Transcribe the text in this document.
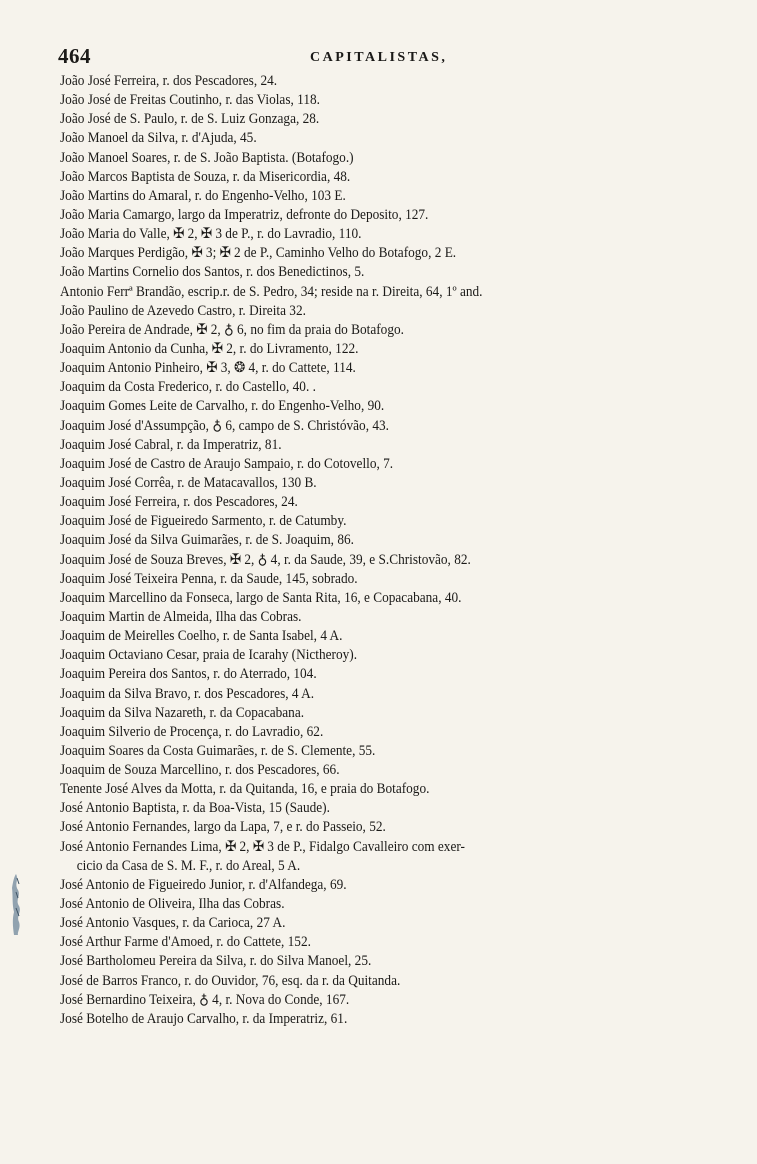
464	CAPITALISTAS,
João José Ferreira, r. dos Pescadores, 24.
João José de Freitas Coutinho, r. das Violas, 118.
João José de S. Paulo, r. de S. Luiz Gonzaga, 28.
João Manoel da Silva, r. d'Ajuda, 45.
João Manoel Soares, r. de S. João Baptista. (Botafogo.)
João Marcos Baptista de Souza, r. da Misericordia, 48.
João Martins do Amaral, r. do Engenho-Velho, 103 E.
João Maria Camargo, largo da Imperatriz, defronte do Deposito, 127.
João Maria do Valle, ✠ 2, ✠ 3 de P., r. do Lavradio, 110.
João Marques Perdigão, ✠ 3; ✠ 2 de P., Caminho Velho do Botafogo, 2 E.
João Martins Cornelio dos Santos, r. dos Benedictinos, 5.
Antonio Ferrª Brandão, escrip.r. de S. Pedro, 34; reside na r. Direita, 64, 1º and.
João Paulino de Azevedo Castro, r. Direita 32.
João Pereira de Andrade, ✠ 2, ♁ 6, no fim da praia do Botafogo.
Joaquim Antonio da Cunha, ✠ 2, r. do Livramento, 122.
Joaquim Antonio Pinheiro, ✠ 3, ❂ 4, r. do Cattete, 114.
Joaquim da Costa Frederico, r. do Castello, 40. .
Joaquim Gomes Leite de Carvalho, r. do Engenho-Velho, 90.
Joaquim José d'Assumpção, ♁ 6, campo de S. Christóvão, 43.
Joaquim José Cabral, r. da Imperatriz, 81.
Joaquim José de Castro de Araujo Sampaio, r. do Cotovello, 7.
Joaquim José Corrêa, r. de Matacavallos, 130 B.
Joaquim José Ferreira, r. dos Pescadores, 24.
Joaquim José de Figueiredo Sarmento, r. de Catumby.
Joaquim José da Silva Guimarães, r. de S. Joaquim, 86.
Joaquim José de Souza Breves, ✠ 2, ♁ 4, r. da Saude, 39, e S.Christovão, 82.
Joaquim José Teixeira Penna, r. da Saude, 145, sobrado.
Joaquim Marcellino da Fonseca, largo de Santa Rita, 16, e Copacabana, 40.
Joaquim Martin de Almeida, Ilha das Cobras.
Joaquim de Meirelles Coelho, r. de Santa Isabel, 4 A.
Joaquim Octaviano Cesar, praia de Icarahy (Nictheroy).
Joaquim Pereira dos Santos, r. do Aterrado, 104.
Joaquim da Silva Bravo, r. dos Pescadores, 4 A.
Joaquim da Silva Nazareth, r. da Copacabana.
Joaquim Silverio de Procença, r. do Lavradio, 62.
Joaquim Soares da Costa Guimarães, r. de S. Clemente, 55.
Joaquim de Souza Marcellino, r. dos Pescadores, 66.
Tenente José Alves da Motta, r. da Quitanda, 16, e praia do Botafogo.
José Antonio Baptista, r. da Boa-Vista, 15 (Saude).
José Antonio Fernandes, largo da Lapa, 7, e r. do Passeio, 52.
José Antonio Fernandes Lima, ✠ 2, ✠ 3 de P., Fidalgo Cavalleiro com exer-
cicio da Casa de S. M. F., r. do Areal, 5 A.
José Antonio de Figueiredo Junior, r. d'Alfandega, 69.
José Antonio de Oliveira, Ilha das Cobras.
José Antonio Vasques, r. da Carioca, 27 A.
José Arthur Farme d'Amoed, r. do Cattete, 152.
José Bartholomeu Pereira da Silva, r. do Silva Manoel, 25.
José de Barros Franco, r. do Ouvidor, 76, esq. da r. da Quitanda.
José Bernardino Teixeira, ♁ 4, r. Nova do Conde, 167.
José Botelho de Araujo Carvalho, r. da Imperatriz, 61.
